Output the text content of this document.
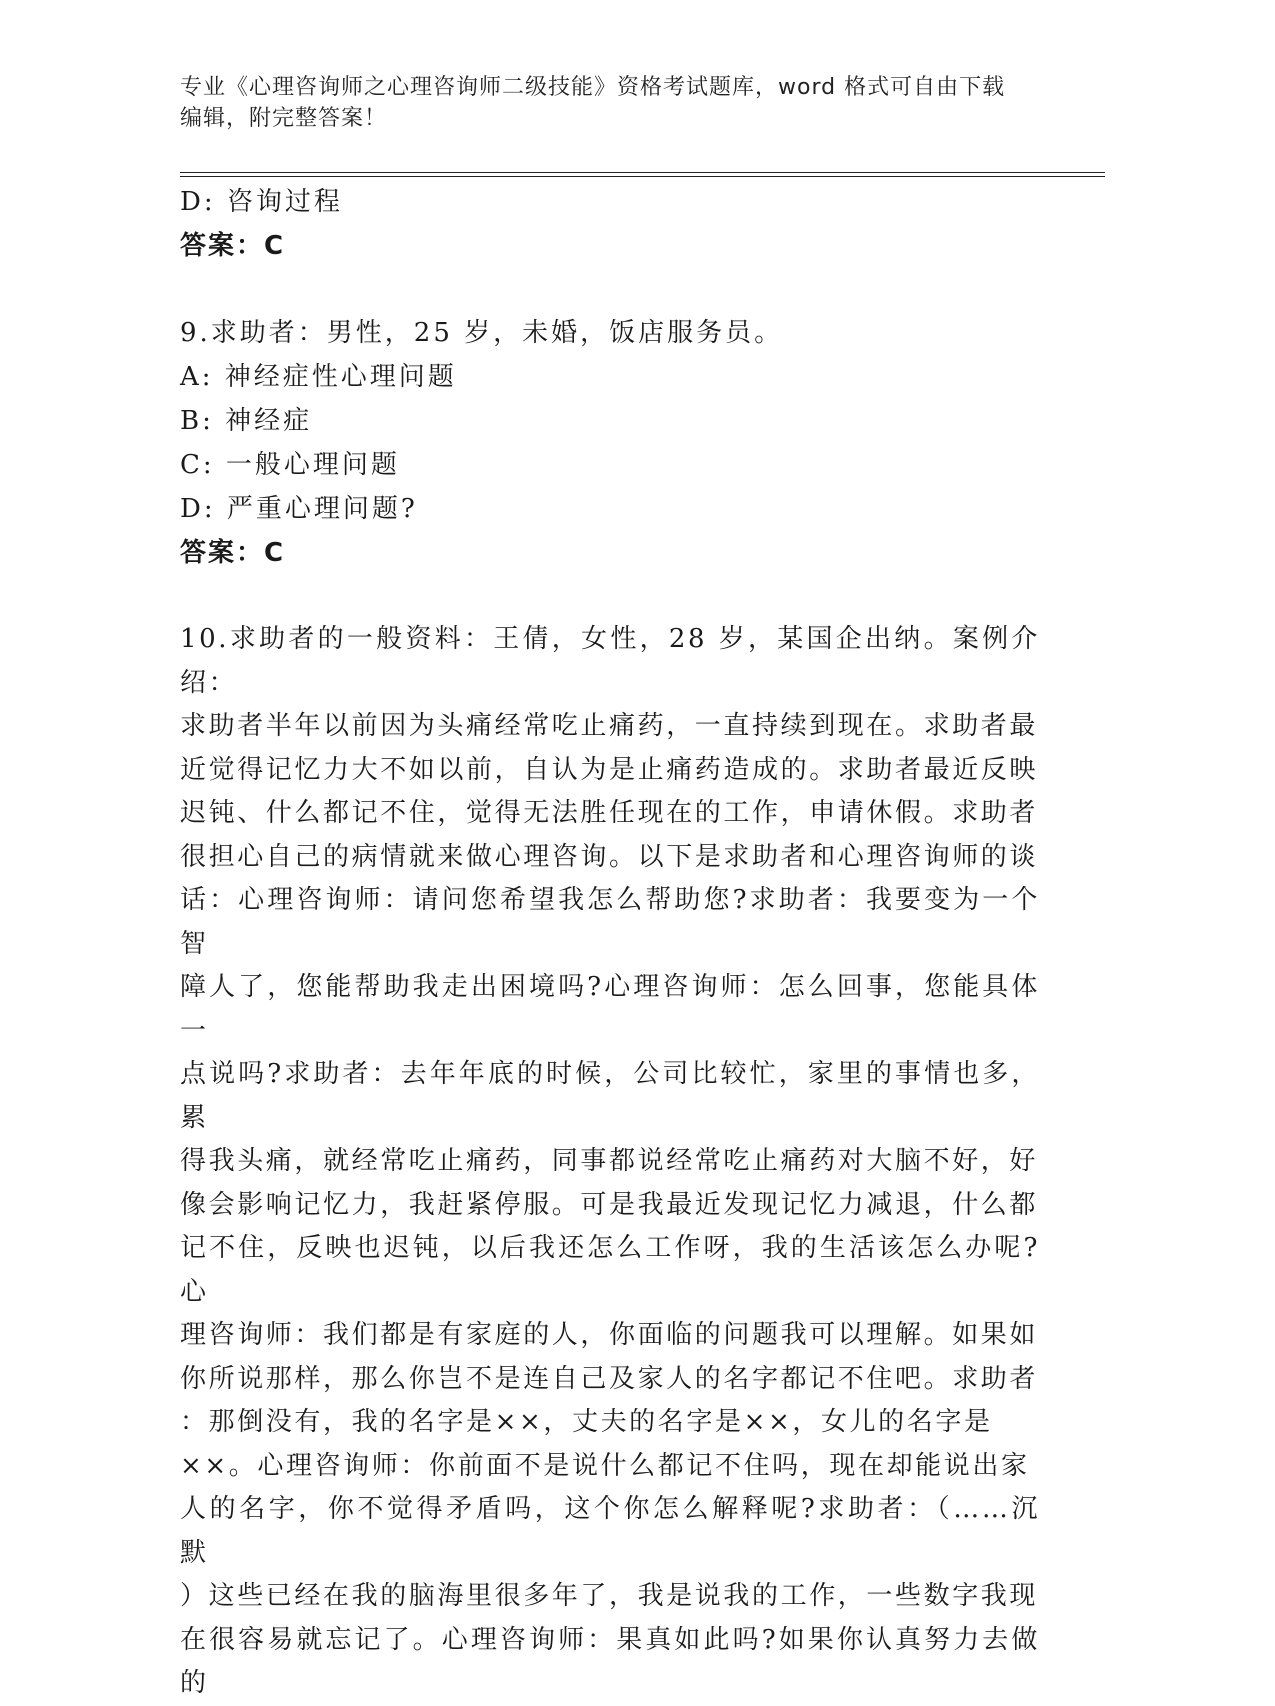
专业《心理咨询师之心理咨询师二级技能》资格考试题库，word 格式可自由下载
编辑，附完整答案！
D: 咨询过程
答案：C
9.求助者：男性，25 岁，未婚，饭店服务员。
A: 神经症性心理问题
B: 神经症
C: 一般心理问题
D: 严重心理问题?
答案：C
10.求助者的一般资料：王倩，女性，28 岁，某国企出纳。案例介绍：
求助者半年以前因为头痛经常吃止痛药，一直持续到现在。求助者最
近觉得记忆力大不如以前，自认为是止痛药造成的。求助者最近反映
迟钝、什么都记不住，觉得无法胜任现在的工作，申请休假。求助者
很担心自己的病情就来做心理咨询。以下是求助者和心理咨询师的谈
话：心理咨询师：请问您希望我怎么帮助您?求助者：我要变为一个智
障人了，您能帮助我走出困境吗?心理咨询师：怎么回事，您能具体一
点说吗?求助者：去年年底的时候，公司比较忙，家里的事情也多，累
得我头痛，就经常吃止痛药，同事都说经常吃止痛药对大脑不好，好
像会影响记忆力，我赶紧停服。可是我最近发现记忆力减退，什么都
记不住，反映也迟钝，以后我还怎么工作呀，我的生活该怎么办呢?心
理咨询师：我们都是有家庭的人，你面临的问题我可以理解。如果如
你所说那样，那么你岂不是连自己及家人的名字都记不住吧。求助者
：那倒没有，我的名字是××，丈夫的名字是××，女儿的名字是
××。心理咨询师：你前面不是说什么都记不住吗，现在却能说出家
人的名字，你不觉得矛盾吗，这个你怎么解释呢?求助者：（……沉默
）这些已经在我的脑海里很多年了，我是说我的工作，一些数字我现
在很容易就忘记了。心理咨询师：果真如此吗?如果你认真努力去做的
